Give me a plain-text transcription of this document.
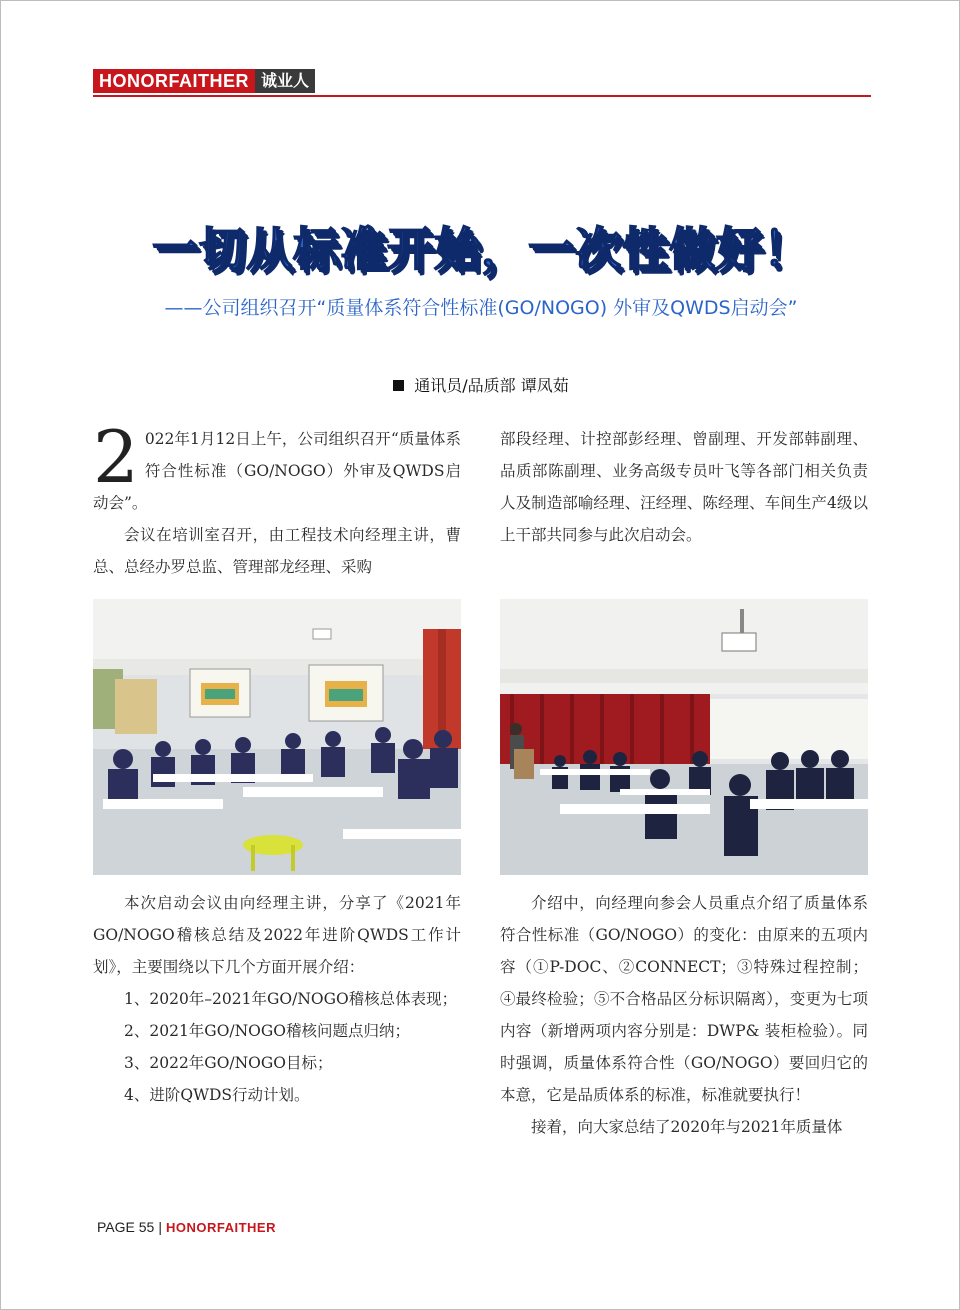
HONORFAITHER 诚业人
一切从标准开始，一次性做好！
——公司组织召开“质量体系符合性标准(GO/NOGO) 外审及QWDS启动会”
通讯员/品质部 谭凤茹

2 022年1月12日上午，公司组织召开“质量体系符合性标准（GO/NOGO）外审及QWDS启动会”。

会议在培训室召开，由工程技术向经理主讲，曹总、总经办罗总监、管理部龙经理、采购

部段经理、计控部彭经理、曾副理、开发部韩副理、品质部陈副理、业务高级专员叶飞等各部门相关负责人及制造部喻经理、汪经理、陈经理、车间生产4级以上干部共同参与此次启动会。

本次启动会议由向经理主讲，分享了《2021年GO/NOGO稽核总结及2022年进阶QWDS工作计划》，主要围绕以下几个方面开展介绍：

1、2020年–2021年GO/NOGO稽核总体表现；

2、2021年GO/NOGO稽核问题点归纳；

3、2022年GO/NOGO目标；

4、进阶QWDS行动计划。

介绍中，向经理向参会人员重点介绍了质量体系符合性标准（GO/NOGO）的变化：由原来的五项内容（①P-DOC、②CONNECT；③特殊过程控制；④最终检验；⑤不合格品区分标识隔离），变更为七项内容（新增两项内容分别是：DWP& 装柜检验）。同时强调，质量体系符合性（GO/NOGO）要回归它的本意，它是品质体系的标准，标准就要执行！

接着，向大家总结了2020年与2021年质量体

PAGE 55 | HONORFAITHER
